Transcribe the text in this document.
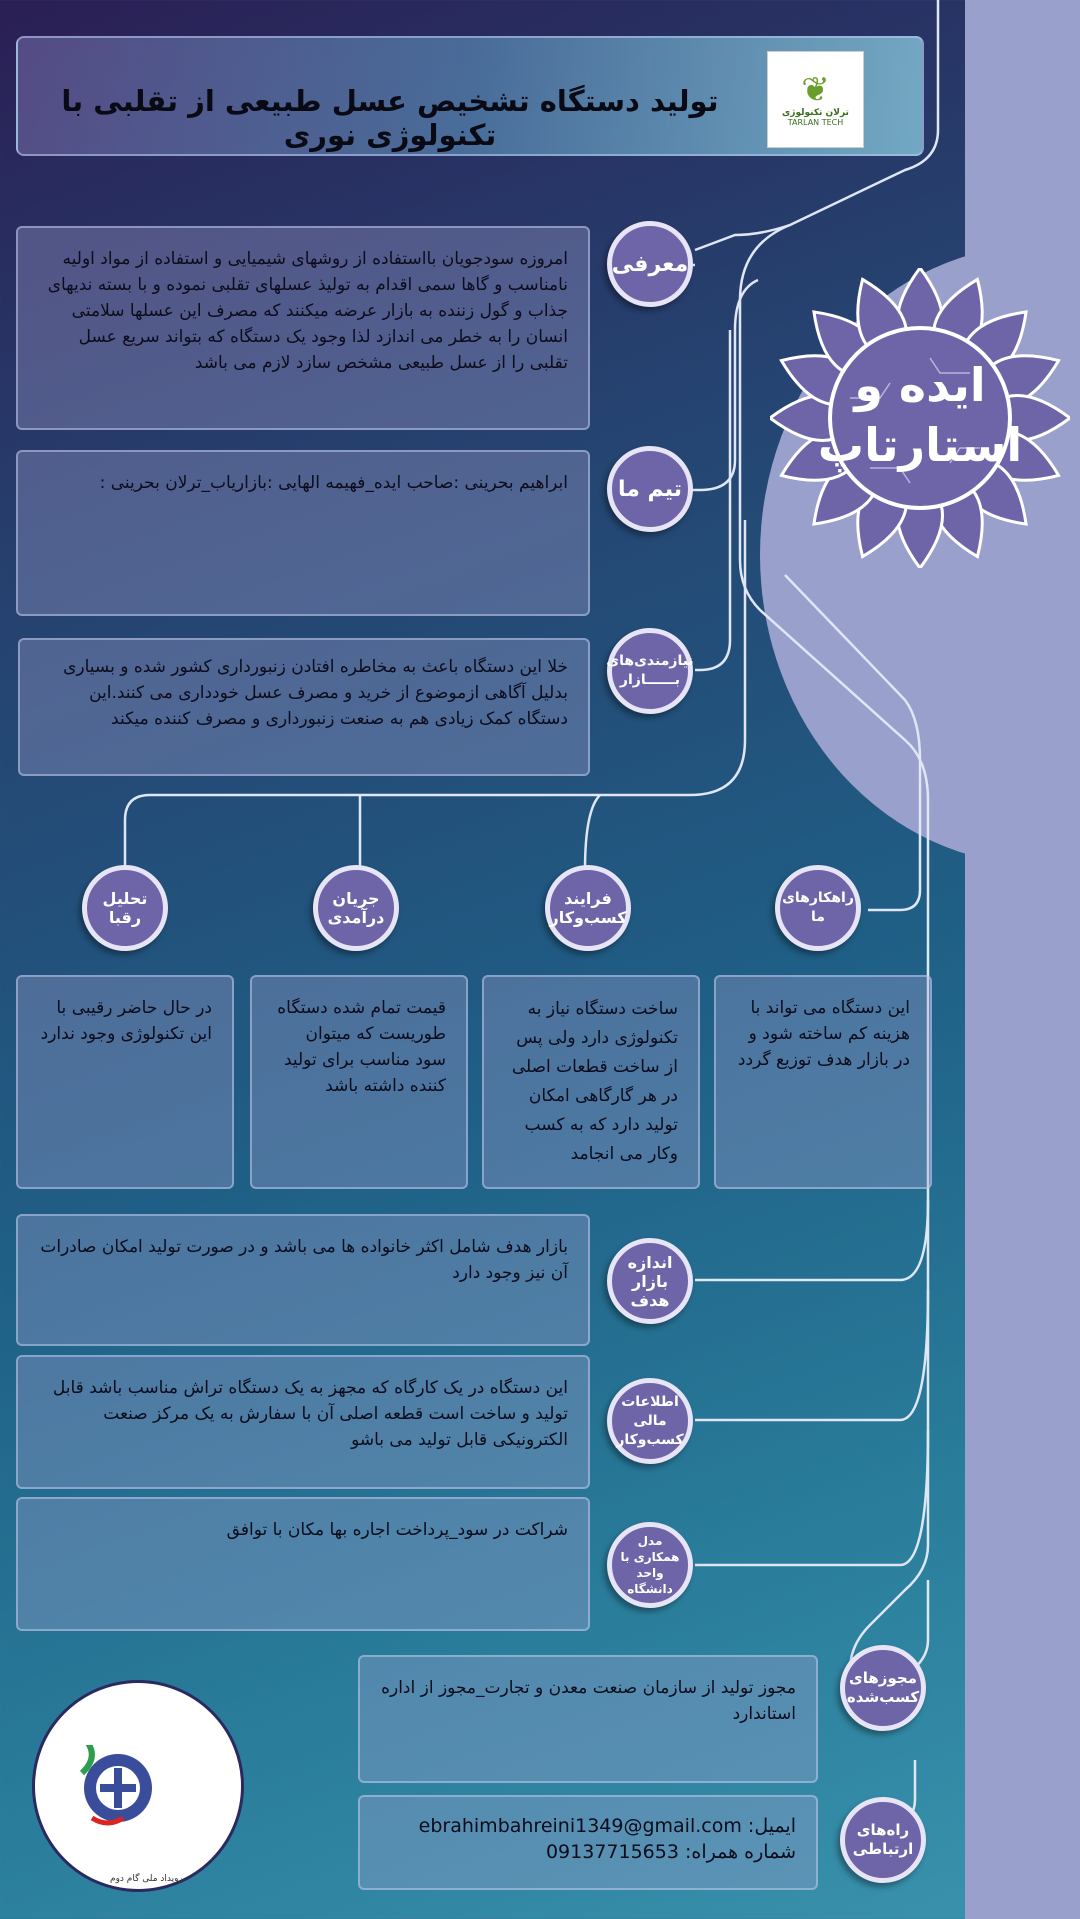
تولید دستگاه تشخیص عسل طبیعی از تقلبی با تکنولوژی نوری
❦
ترلان تکنولوژی
TARLAN TECH
ایده و
استارتاپ
امروزه سودجویان بااستفاده از روشهای شیمیایی و استفاده از مواد اولیه نامناسب و گاها سمی اقدام به تولیذ عسلهای تقلبی نموده و با بسته ندیهای جذاب و گول زننده به بازار عرضه میکنند که مصرف این عسلها سلامتی انسان را به خطر می اندازد لذا وجود یک دستگاه که بتواند سریع عسل تقلبی را از عسل طبیعی مشخص سازد لازم می باشد
معرفی
ابراهیم بحرینی :صاحب ایده_فهیمه الهایی :بازاریاب_ترلان بحرینی :	تیم ما
خلا این دستگاه باعث به مخاطره افتادن زنبورداری کشور شده و بسیاری بدلیل آگاهی ازموضوع از خرید و مصرف عسل خودداری می کنند.این دستگاه کمک زیادی هم به صنعت زنبورداری و مصرف کننده میکند
نیازمندی‌های بــــــازار
راهکارهای ما
فرایند کسب‌وکار
جریان درآمدی
تحلیل رقبا
این دستگاه می تواند با هزینه کم ساخته شود و در بازار هدف توزیع گردد
ساخت دستگاه نیاز به تکنولوژی دارد ولی پس از ساخت قطعات اصلی در هر گارگاهی امکان تولید دارد که به کسب وکار می انجامد
قیمت تمام شده دستگاه طوریست که میتوان سود مناسب برای تولید کننده داشته باشد
در حال حاضر رقیبی با این تکنولوژی وجود ندارد
بازار هدف شامل اکثر خانواده ها می باشد و در صورت تولید امکان صادرات آن نیز وجود دارد
اندازه بازار هدف
این دستگاه در یک کارگاه که مجهز به یک دستگاه تراش مناسب باشد قابل تولید و ساخت است قطعه اصلی آن با سفارش به یک مرکز صنعت الکترونیکی قابل تولید می باشو
اطلاعات مالی کسب‌وکار
شراکت در سود_پرداخت اجاره بها مکان با توافق
مدل همکاری با واحد دانشگاه
مجوز تولید از سازمان صنعت معدن و تجارت_مجوز از اداره استاندارد
مجوزهای کسب‌شده
ایمیل: ebrahimbahreini1349@gmail.com
شماره همراه: 09137715653
راه‌های ارتباطی
رویداد ملی گام دوم
